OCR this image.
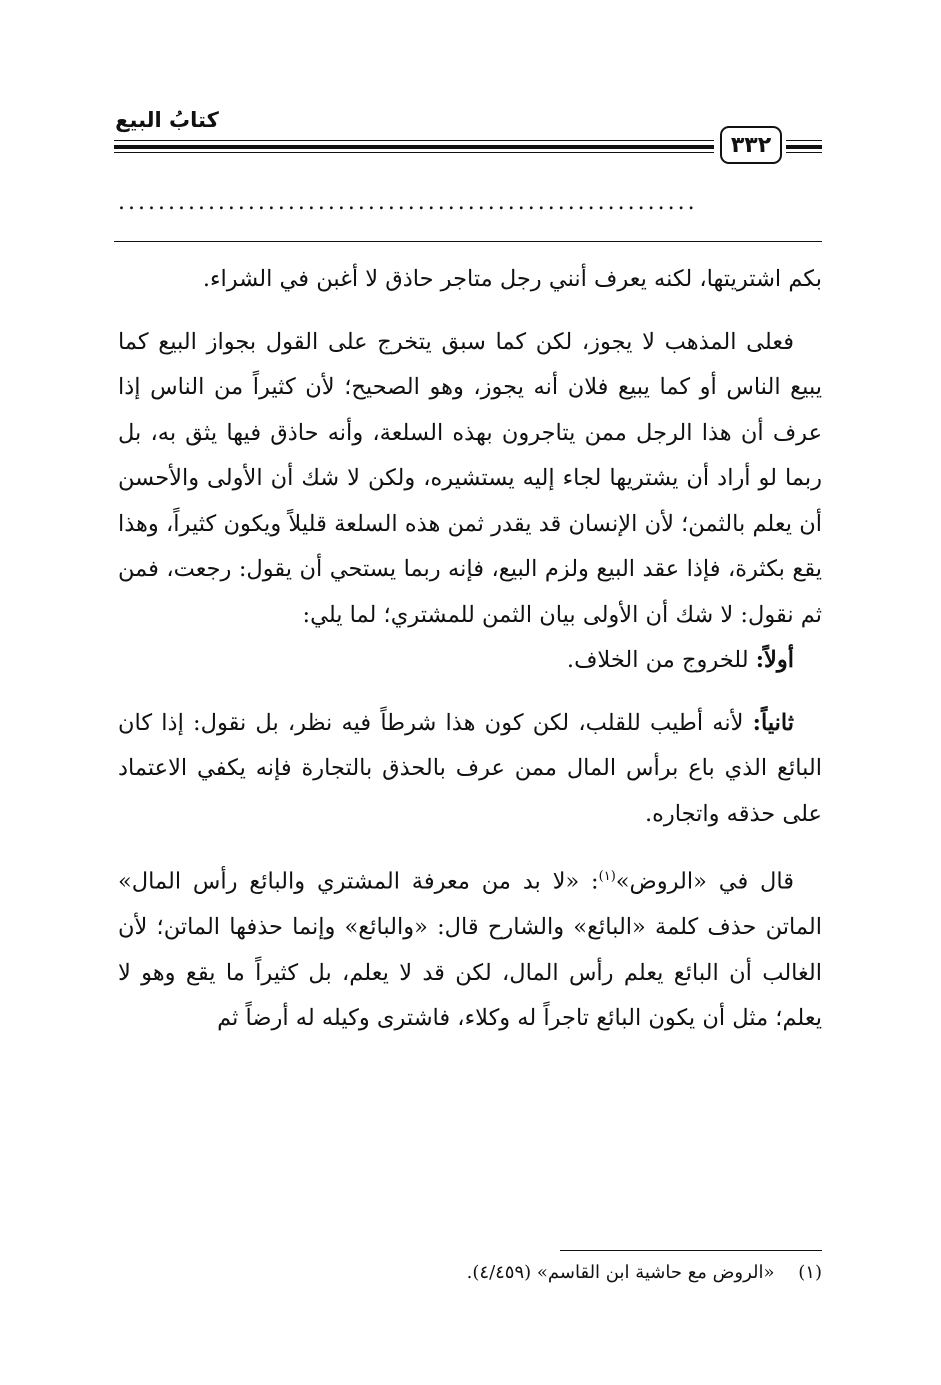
كتابُ البيع
٣٣٢
..........................................................

بكم اشتريتها، لكنه يعرف أنني رجل متاجر حاذق لا أغبن في الشراء.

فعلى المذهب لا يجوز، لكن كما سبق يتخرج على القول بجواز البيع كما يبيع الناس أو كما يبيع فلان أنه يجوز، وهو الصحيح؛ لأن كثيراً من الناس إذا عرف أن هذا الرجل ممن يتاجرون بهذه السلعة، وأنه حاذق فيها يثق به، بل ربما لو أراد أن يشتريها لجاء إليه يستشيره، ولكن لا شك أن الأولى والأحسن أن يعلم بالثمن؛ لأن الإنسان قد يقدر ثمن هذه السلعة قليلاً ويكون كثيراً، وهذا يقع بكثرة، فإذا عقد البيع ولزم البيع، فإنه ربما يستحي أن يقول: رجعت، فمن ثم نقول: لا شك أن الأولى بيان الثمن للمشتري؛ لما يلي:

أولاً: للخروج من الخلاف.

ثانياً: لأنه أطيب للقلب، لكن كون هذا شرطاً فيه نظر، بل نقول: إذا كان البائع الذي باع برأس المال ممن عرف بالحذق بالتجارة فإنه يكفي الاعتماد على حذقه واتجاره.

قال في «الروض»$^{(١)}$: «لا بد من معرفة المشتري والبائع رأس المال» الماتن حذف كلمة «البائع» والشارح قال: «والبائع» وإنما حذفها الماتن؛ لأن الغالب أن البائع يعلم رأس المال، لكن قد لا يعلم، بل كثيراً ما يقع وهو لا يعلم؛ مثل أن يكون البائع تاجراً له وكلاء، فاشترى وكيله له أرضاً ثم

(١) «الروض مع حاشية ابن القاسم» (٤/٤٥٩).
